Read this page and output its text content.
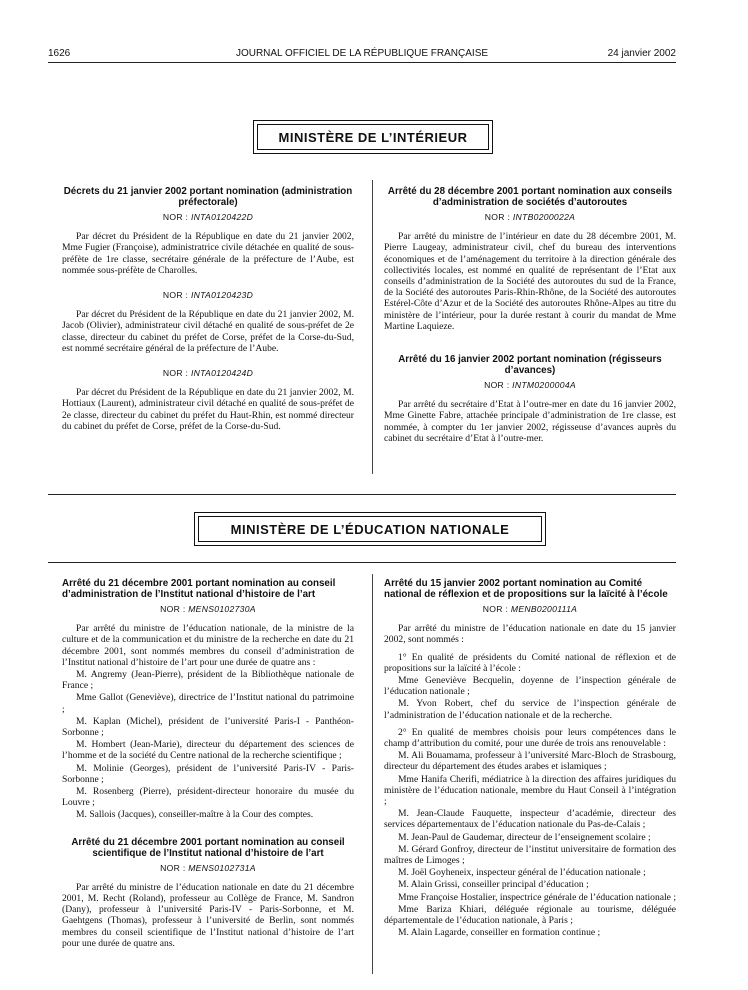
1626	JOURNAL OFFICIEL DE LA RÉPUBLIQUE FRANÇAISE	24 janvier 2002
MINISTÈRE DE L’INTÉRIEUR
Décrets du 21 janvier 2002 portant nomination (administration préfectorale)
NOR : INTA0120422D

Par décret du Président de la République en date du 21 janvier 2002, Mme Fugier (Françoise), administratrice civile détachée en qualité de sous-préfète de 1re classe, secrétaire générale de la préfecture de l’Aube, est nommée sous-préfète de Charolles.

NOR : INTA0120423D

Par décret du Président de la République en date du 21 janvier 2002, M. Jacob (Olivier), administrateur civil détaché en qualité de sous-préfet de 2e classe, directeur du cabinet du préfet de Corse, préfet de la Corse-du-Sud, est nommé secrétaire général de la préfecture de l’Aube.

NOR : INTA0120424D

Par décret du Président de la République en date du 21 janvier 2002, M. Hottiaux (Laurent), administrateur civil détaché en qualité de sous-préfet de 2e classe, directeur du cabinet du préfet du Haut-Rhin, est nommé directeur du cabinet du préfet de Corse, préfet de la Corse-du-Sud.

Arrêté du 28 décembre 2001 portant nomination aux conseils d’administration de sociétés d’autoroutes
NOR : INTB0200022A

Par arrêté du ministre de l’intérieur en date du 28 décembre 2001, M. Pierre Laugeay, administrateur civil, chef du bureau des interventions économiques et de l’aménagement du territoire à la direction générale des collectivités locales, est nommé en qualité de représentant de l’Etat aux conseils d’administration de la Société des autoroutes du sud de la France, de la Société des autoroutes Paris-Rhin-Rhône, de la Société des autoroutes Estérel-Côte d’Azur et de la Société des autoroutes Rhône-Alpes au titre du ministère de l’intérieur, pour la durée restant à courir du mandat de Mme Martine Laquieze.

Arrêté du 16 janvier 2002 portant nomination (régisseurs d’avances)
NOR : INTM0200004A

Par arrêté du secrétaire d’Etat à l’outre-mer en date du 16 janvier 2002, Mme Ginette Fabre, attachée principale d’administration de 1re classe, est nommée, à compter du 1er janvier 2002, régisseuse d’avances auprès du cabinet du secrétaire d’Etat à l’outre-mer.

MINISTÈRE DE L’ÉDUCATION NATIONALE
Arrêté du 21 décembre 2001 portant nomination au conseil d’administration de l’Institut national d’histoire de l’art
NOR : MENS0102730A

Par arrêté du ministre de l’éducation nationale, de la ministre de la culture et de la communication et du ministre de la recherche en date du 21 décembre 2001, sont nommés membres du conseil d’administration de l’Institut national d’histoire de l’art pour une durée de quatre ans :

M. Angremy (Jean-Pierre), président de la Bibliothèque nationale de France ;

Mme Gallot (Geneviève), directrice de l’Institut national du patrimoine ;

M. Kaplan (Michel), président de l’université Paris-I - Panthéon-Sorbonne ;

M. Hombert (Jean-Marie), directeur du département des sciences de l’homme et de la société du Centre national de la recherche scientifique ;

M. Molinie (Georges), président de l’université Paris-IV - Paris-Sorbonne ;

M. Rosenberg (Pierre), président-directeur honoraire du musée du Louvre ;

M. Sallois (Jacques), conseiller-maître à la Cour des comptes.

Arrêté du 21 décembre 2001 portant nomination au conseil scientifique de l’Institut national d’histoire de l’art
NOR : MENS0102731A

Par arrêté du ministre de l’éducation nationale en date du 21 décembre 2001, M. Recht (Roland), professeur au Collège de France, M. Sandron (Dany), professeur à l’université Paris-IV - Paris-Sorbonne, et M. Gaehtgens (Thomas), professeur à l’université de Berlin, sont nommés membres du conseil scientifique de l’Institut national d’histoire de l’art pour une durée de quatre ans.

Arrêté du 15 janvier 2002 portant nomination au Comité national de réflexion et de propositions sur la laïcité à l’école
NOR : MENB0200111A

Par arrêté du ministre de l’éducation nationale en date du 15 janvier 2002, sont nommés :

1° En qualité de présidents du Comité national de réflexion et de propositions sur la laïcité à l’école :

Mme Geneviève Becquelin, doyenne de l’inspection générale de l’éducation nationale ;

M. Yvon Robert, chef du service de l’inspection générale de l’administration de l’éducation nationale et de la recherche.

2° En qualité de membres choisis pour leurs compétences dans le champ d’attribution du comité, pour une durée de trois ans renouvelable :

M. Ali Bouamama, professeur à l’université Marc-Bloch de Strasbourg, directeur du département des études arabes et islamiques ;

Mme Hanifa Cherifi, médiatrice à la direction des affaires juridiques du ministère de l’éducation nationale, membre du Haut Conseil à l’intégration ;

M. Jean-Claude Fauquette, inspecteur d’académie, directeur des services départementaux de l’éducation nationale du Pas-de-Calais ;

M. Jean-Paul de Gaudemar, directeur de l’enseignement scolaire ;

M. Gérard Gonfroy, directeur de l’institut universitaire de formation des maîtres de Limoges ;

M. Joël Goyheneix, inspecteur général de l’éducation nationale ;

M. Alain Grissi, conseiller principal d’éducation ;

Mme Françoise Hostalier, inspectrice générale de l’éducation nationale ;

Mme Bariza Khiari, déléguée régionale au tourisme, déléguée départementale de l’éducation nationale, à Paris ;

M. Alain Lagarde, conseiller en formation continue ;
